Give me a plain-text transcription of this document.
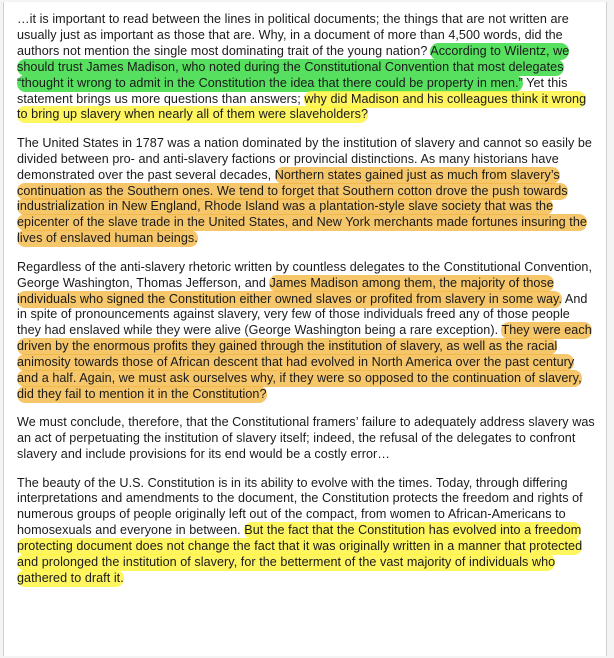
…it is important to read between the lines in political documents; the things that are not written are usually just as important as those that are. Why, in a document of more than 4,500 words, did the authors not mention the single most dominating trait of the young nation? According to Wilentz, we should trust James Madison, who noted during the Constitutional Convention that most delegates “thought it wrong to admit in the Constitution the idea that there could be property in men.” Yet this statement brings us more questions than answers; why did Madison and his colleagues think it wrong to bring up slavery when nearly all of them were slaveholders?

The United States in 1787 was a nation dominated by the institution of slavery and cannot so easily be divided between pro- and anti-slavery factions or provincial distinctions. As many historians have demonstrated over the past several decades, Northern states gained just as much from slavery’s continuation as the Southern ones. We tend to forget that Southern cotton drove the push towards industrialization in New England, Rhode Island was a plantation-style slave society that was the epicenter of the slave trade in the United States, and New York merchants made fortunes insuring the lives of enslaved human beings.

Regardless of the anti-slavery rhetoric written by countless delegates to the Constitutional Convention, George Washington, Thomas Jefferson, and James Madison among them, the majority of those individuals who signed the Constitution either owned slaves or profited from slavery in some way. And in spite of pronouncements against slavery, very few of those individuals freed any of those people they had enslaved while they were alive (George Washington being a rare exception). They were each driven by the enormous profits they gained through the institution of slavery, as well as the racial animosity towards those of African descent that had evolved in North America over the past century and a half. Again, we must ask ourselves why, if they were so opposed to the continuation of slavery, did they fail to mention it in the Constitution?

We must conclude, therefore, that the Constitutional framers’ failure to adequately address slavery was an act of perpetuating the institution of slavery itself; indeed, the refusal of the delegates to confront slavery and include provisions for its end would be a costly error…

The beauty of the U.S. Constitution is in its ability to evolve with the times. Today, through differing interpretations and amendments to the document, the Constitution protects the freedom and rights of numerous groups of people originally left out of the compact, from women to African-Americans to homosexuals and everyone in between. But the fact that the Constitution has evolved into a freedom protecting document does not change the fact that it was originally written in a manner that protected and prolonged the institution of slavery, for the betterment of the vast majority of individuals who gathered to draft it.
